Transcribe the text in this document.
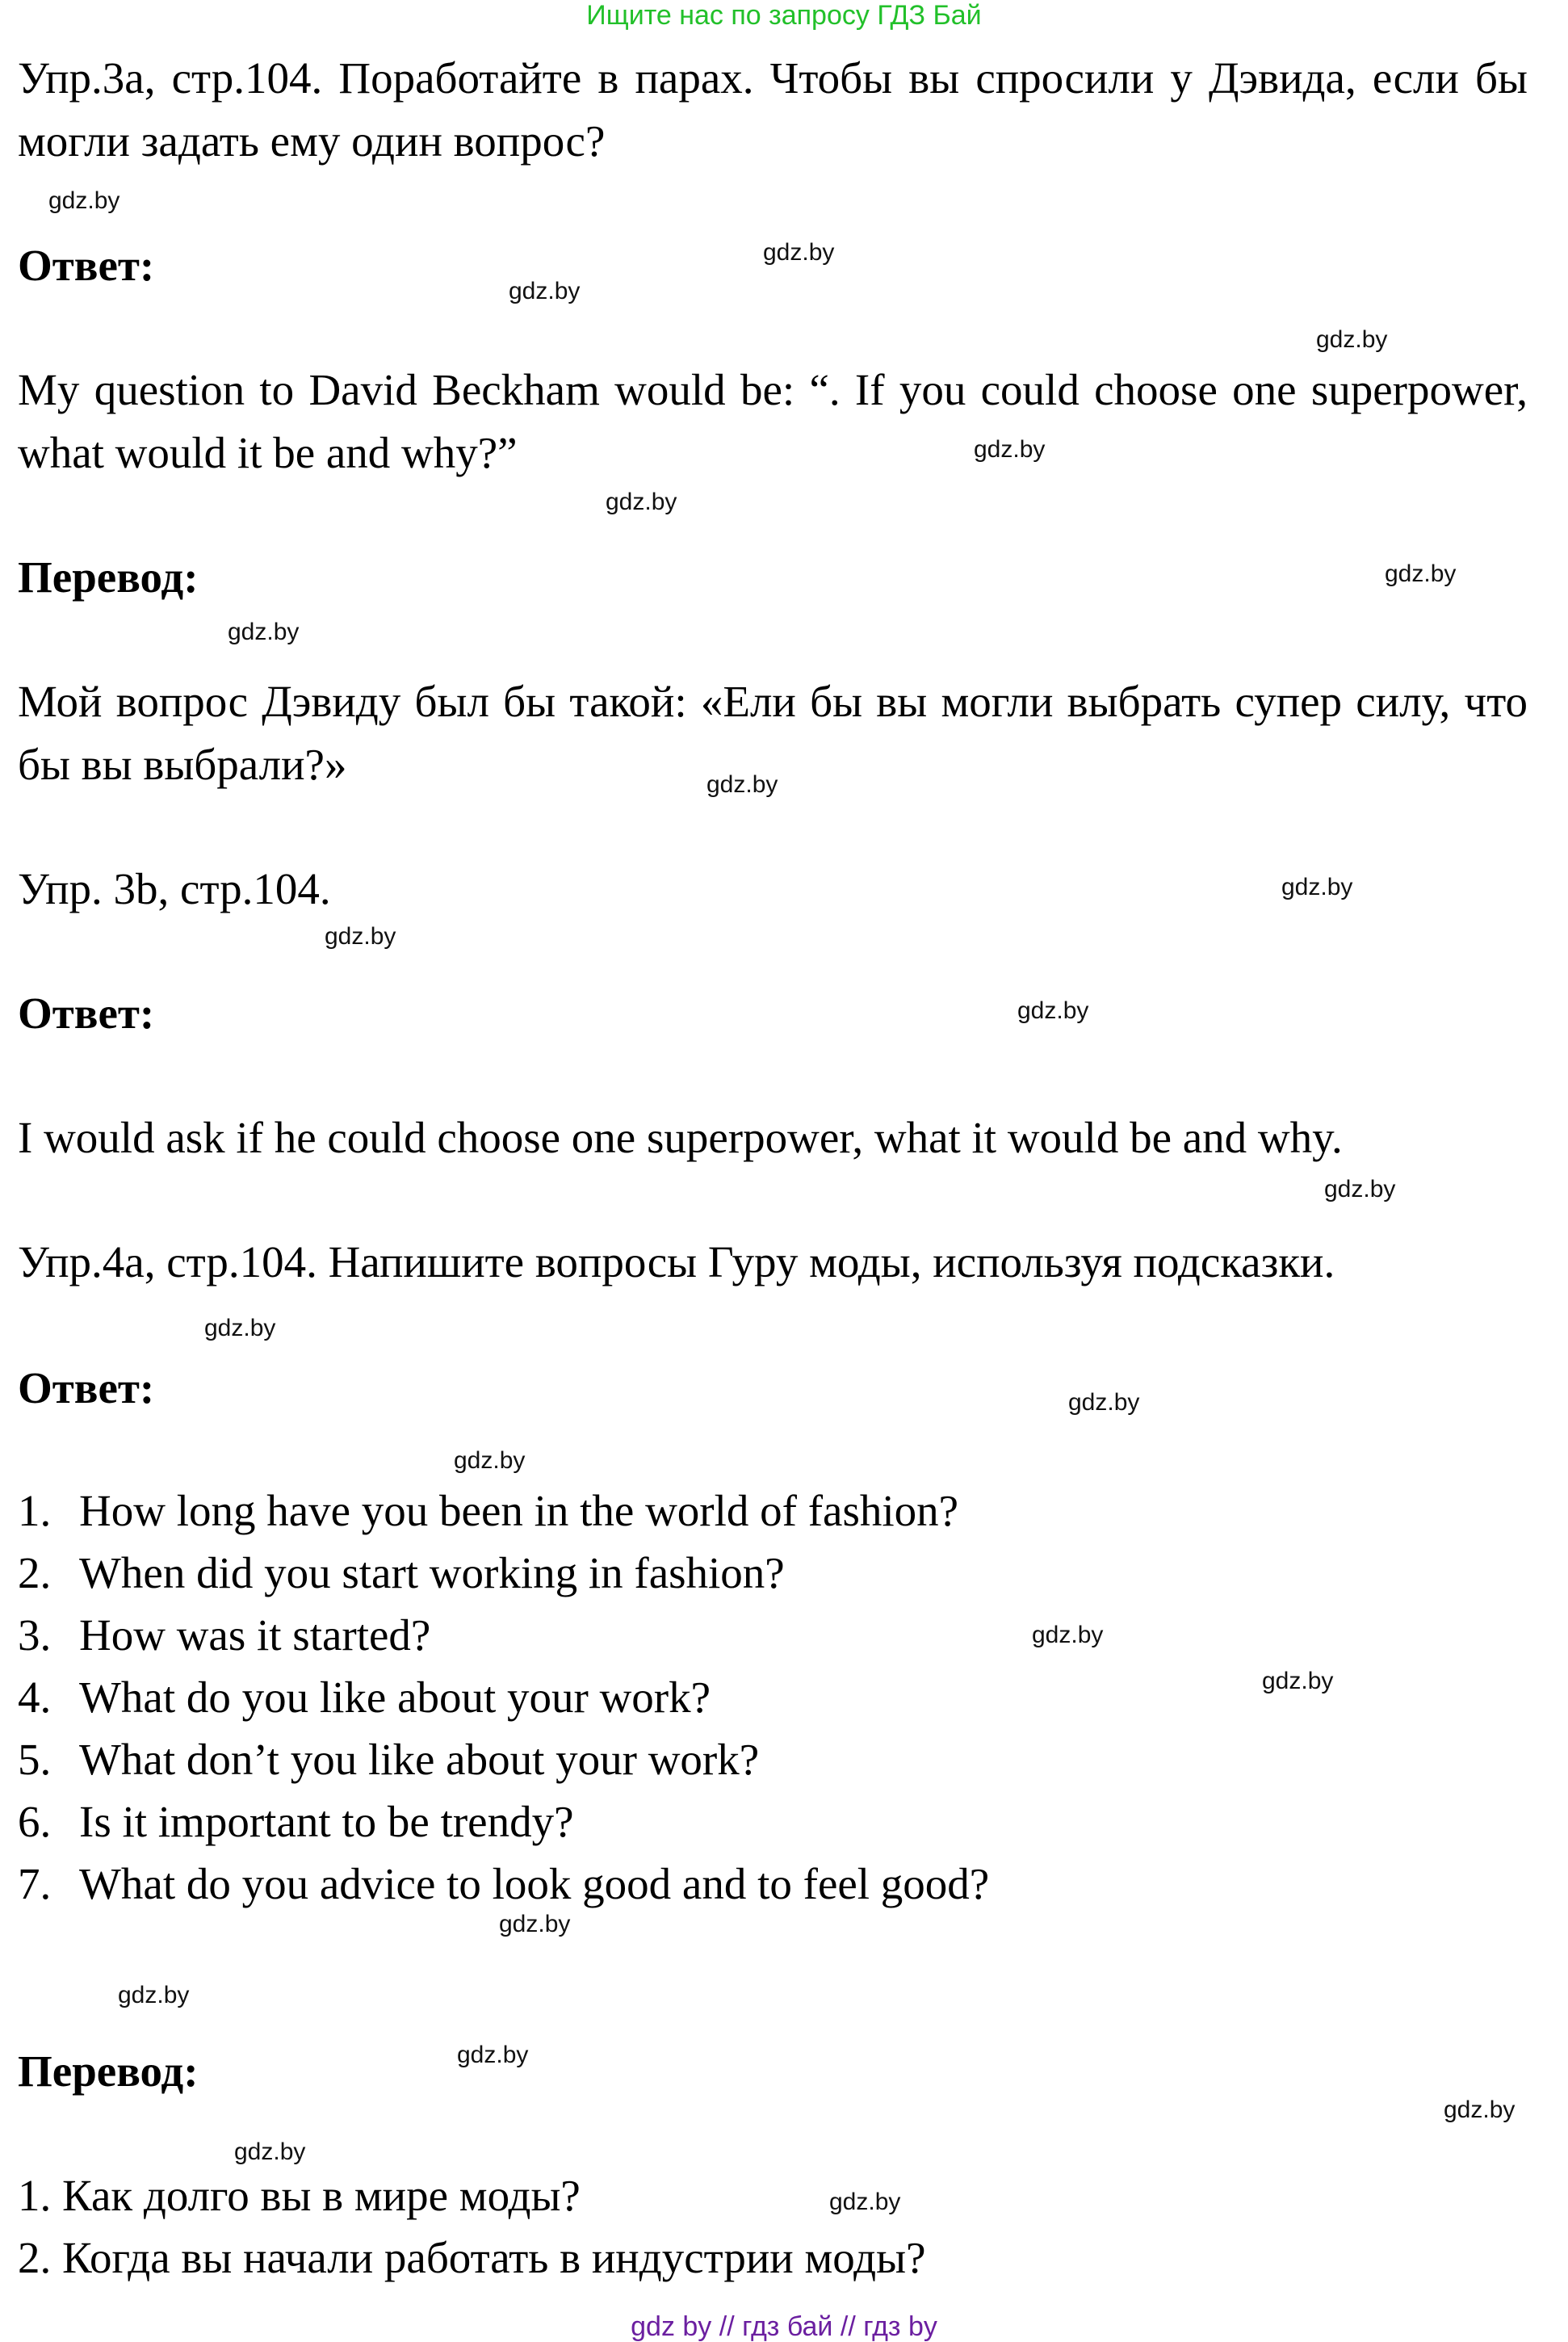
Ищите нас по запросу ГДЗ Бай

Упр.3a, стр.104. Поработайте в парах. Чтобы вы спросили у Дэвида, если бы могли задать ему один вопрос?

Ответ:

My question to David Beckham would be: “. If you could choose one superpower, what would it be and why?”

Перевод:

Мой вопрос Дэвиду был бы такой: «Ели бы вы могли выбрать супер силу, что бы вы выбрали?»

Упр. 3b, стр.104.

Ответ:

I would ask if he could choose one superpower, what it would be and why.

Упр.4a, стр.104. Напишите вопросы Гуру моды, используя подсказки.

Ответ:

1. How long have you been in the world of fashion?
2. When did you start working in fashion?
3. How was it started?
4. What do you like about your work?
5. What don’t you like about your work?
6. Is it important to be trendy?
7. What do you advice to look good and to feel good?

Перевод:

1. Как долго вы в мире моды?
2. Когда вы начали работать в индустрии моды?
gdz.by
gdz.by
gdz.by
gdz.by
gdz.by
gdz.by
gdz.by
gdz.by
gdz.by
gdz.by
gdz.by
gdz.by
gdz.by
gdz.by
gdz.by
gdz.by
gdz.by
gdz.by
gdz.by
gdz.by
gdz.by
gdz.by
gdz.by
gdz.by
gdz by // гдз бай // гдз by
